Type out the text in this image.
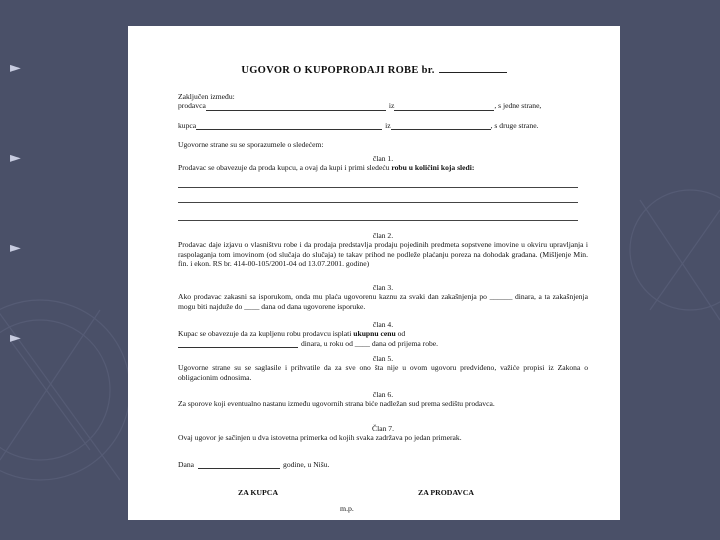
►
►
►
►
UGOVOR O KUPOPRODAJI ROBE br.
Zaključen između:
prodavca	iz	, s jedne strane,
kupca	iz	, s druge strane.
Ugovorne strane su se sporazumele o sledećem:
član 1.
Prodavac se obavezuje da proda kupcu, a ovaj da kupi i primi sledeću robu u količini koja sledi:
član 2.
Prodavac daje izjavu o vlasništvu robe i da prodaja predstavlja prodaju pojedinih predmeta sopstvene imovine u okviru upravljanja i raspolaganja tom imovinom (od slučaja do slučaja) te takav prihod ne podleže plaćanju poreza na dohodak građana. (Mišljenje Min. fin. i ekon. RS br. 414-00-105/2001-04 od 13.07.2001. godine)
član 3.
Ako prodavac zakasni sa isporukom, onda mu plaća ugovorenu kaznu za svaki dan zakašnjenja po ______ dinara, a ta zakašnjenja mogu biti najduže do ____ dana od dana ugovorene isporuke.
član 4.
Kupac se obavezuje da za kupljenu robu prodavcu isplati ukupnu cenu od
dinara, u roku od ____ dana od prijema robe.
član 5.
Ugovorne strane su se saglasile i prihvatile da za sve ono šta nije u ovom ugovoru predviđeno, važiće propisi iz Zakona o obligacionim odnosima.
član 6.
Za sporove koji eventualno nastanu između ugovornih strana biće nadležan sud prema sedištu prodavca.
Član 7.
Ovaj ugovor je sačinjen u dva istovetna primerka od kojih svaka zadržava po jedan primerak.
Dana	godine, u Nišu.
ZA KUPCA	ZA PRODAVCA
m.p.
